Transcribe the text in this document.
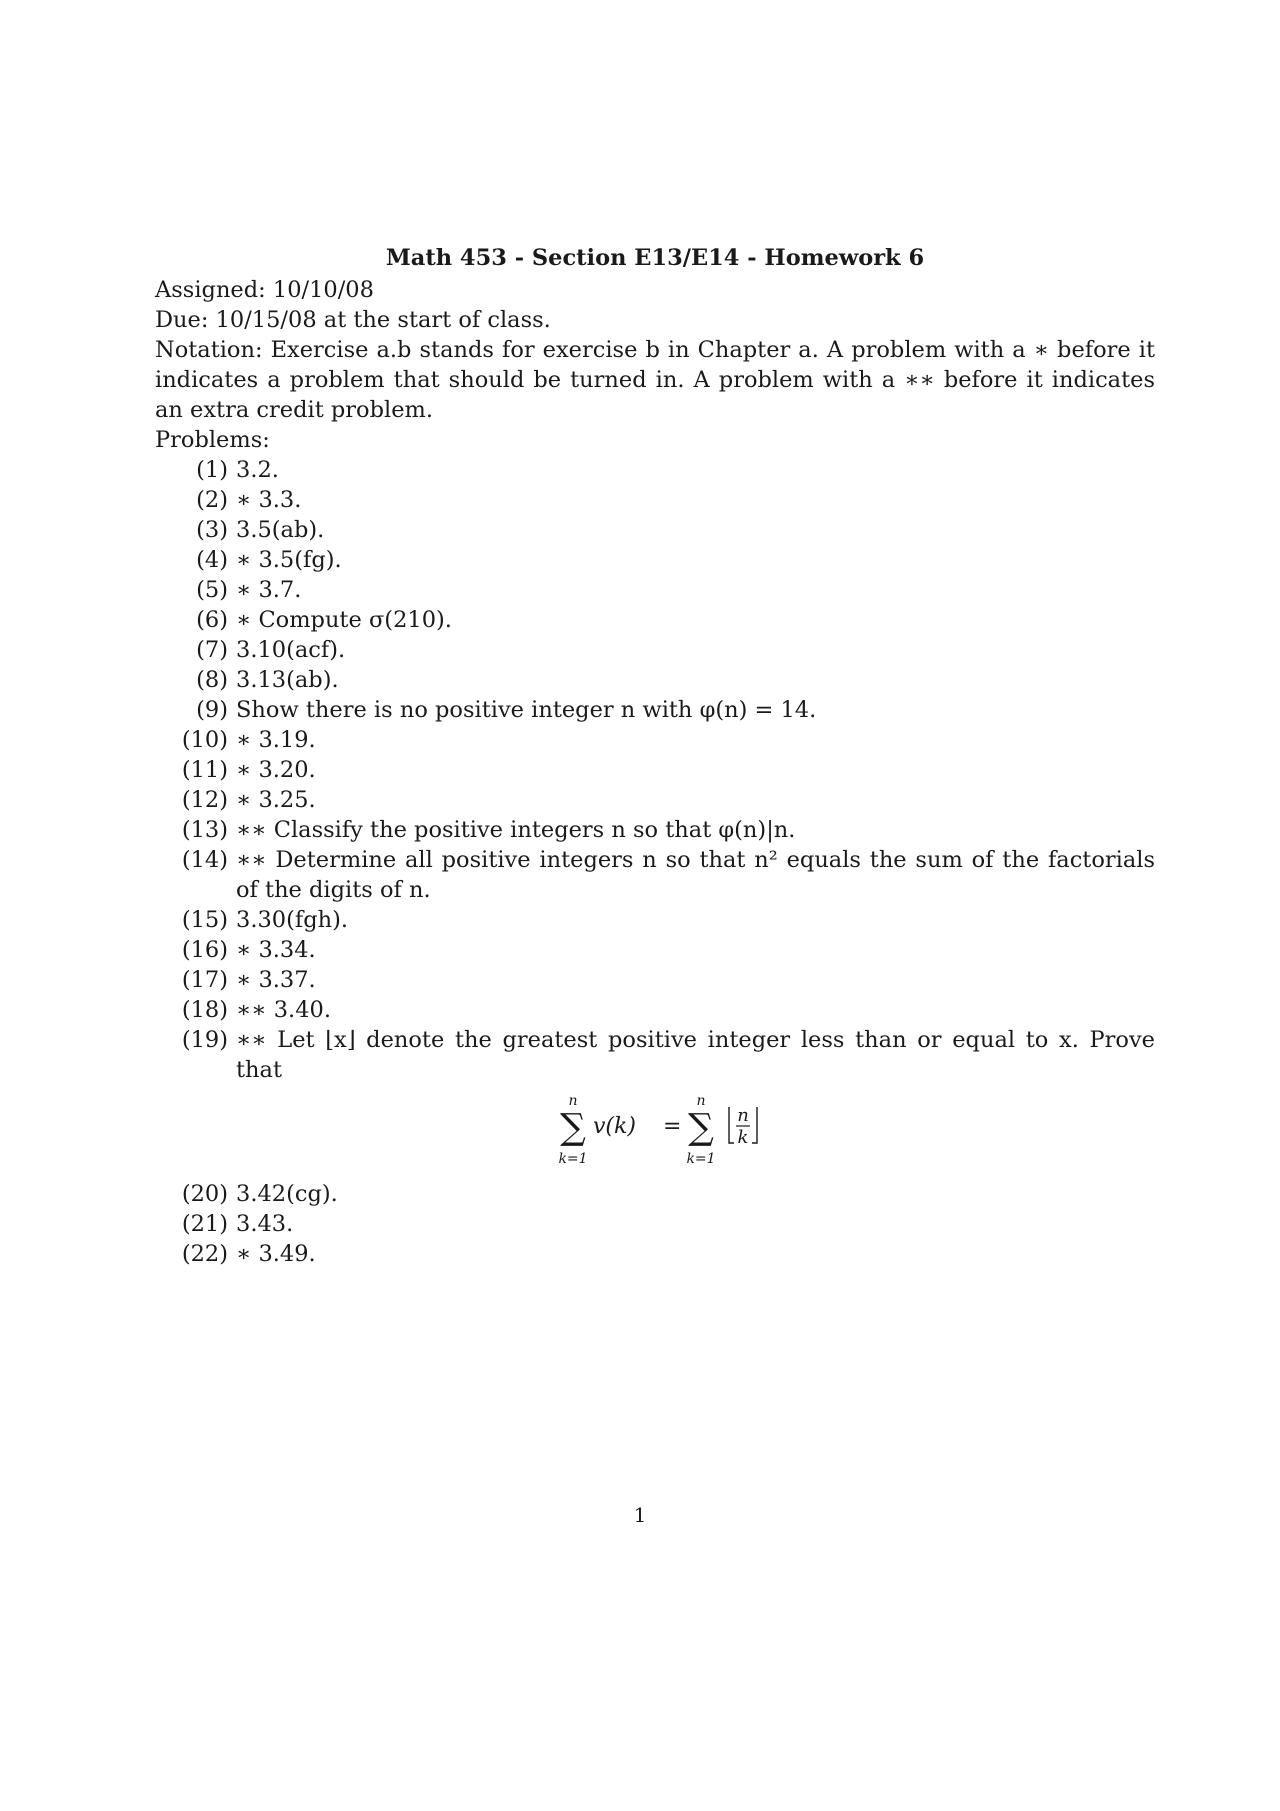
Math 453 - Section E13/E14 - Homework 6

Assigned: 10/10/08

Due: 10/15/08 at the start of class.

Notation: Exercise a.b stands for exercise b in Chapter a. A problem with a ∗ before it indicates a problem that should be turned in. A problem with a ∗∗ before it indicates an extra credit problem.

Problems:

(1) 3.2.
(2) ∗ 3.3.
(3) 3.5(ab).
(4) ∗ 3.5(fg).
(5) ∗ 3.7.
(6) ∗ Compute σ(210).
(7) 3.10(acf).
(8) 3.13(ab).
(9) Show there is no positive integer n with φ(n) = 14.
(10) ∗ 3.19.
(11) ∗ 3.20.
(12) ∗ 3.25.
(13) ∗∗ Classify the positive integers n so that φ(n)|n.
(14) ∗∗ Determine all positive integers n so that n² equals the sum of the factorials of the digits of n.
(15) 3.30(fgh).
(16) ∗ 3.34.
(17) ∗ 3.37.
(18) ∗∗ 3.40.
(19) ∗∗ Let ⌊x⌋ denote the greatest positive integer less than or equal to x. Prove that
n
∑
k=1
v(k) =
n
∑
k=1
n
k
(20) 3.42(cg).
(21) 3.43.
(22) ∗ 3.49.
1
